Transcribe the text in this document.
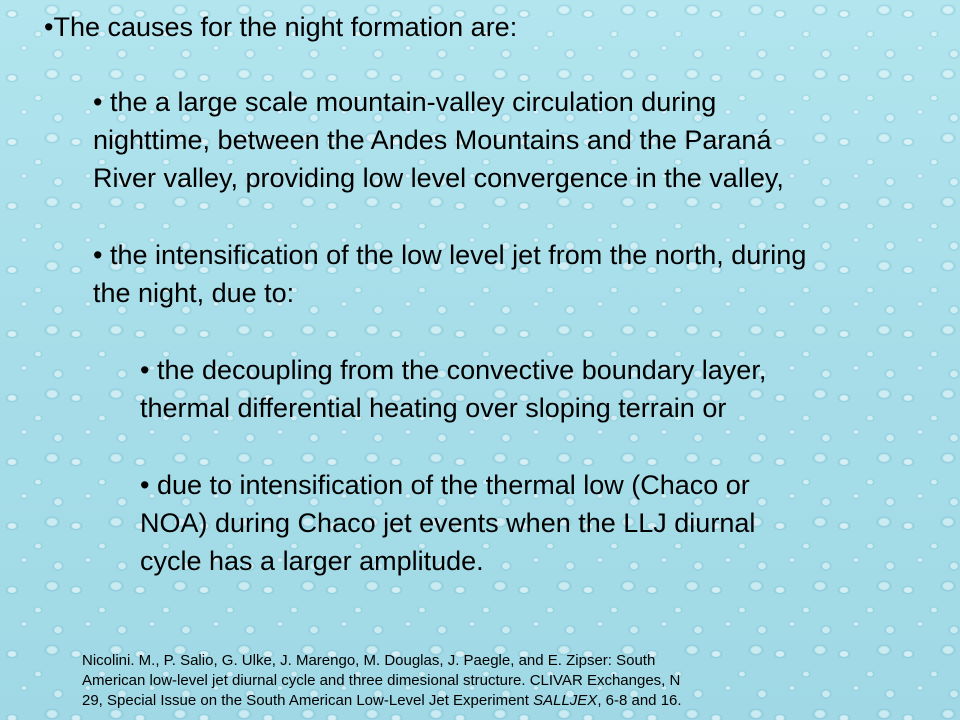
•The causes for the night formation are:

• the a large scale mountain-valley circulation during
nighttime, between the Andes Mountains and the Paraná
River valley, providing low level convergence in the valley,

• the intensification of the low level jet from the north, during
the night, due to:

• the decoupling from the convective boundary layer,
thermal differential heating over sloping terrain or

• due to intensification of the thermal low (Chaco or
NOA) during Chaco jet events when the LLJ diurnal
cycle has a larger amplitude.

Nicolini. M., P. Salio, G. Ulke, J. Marengo, M. Douglas, J. Paegle, and E. Zipser: South
American low-level jet diurnal cycle and three dimesional structure. CLIVAR Exchanges, N
29, Special Issue on the South American Low-Level Jet Experiment SALLJEX, 6-8 and 16.
